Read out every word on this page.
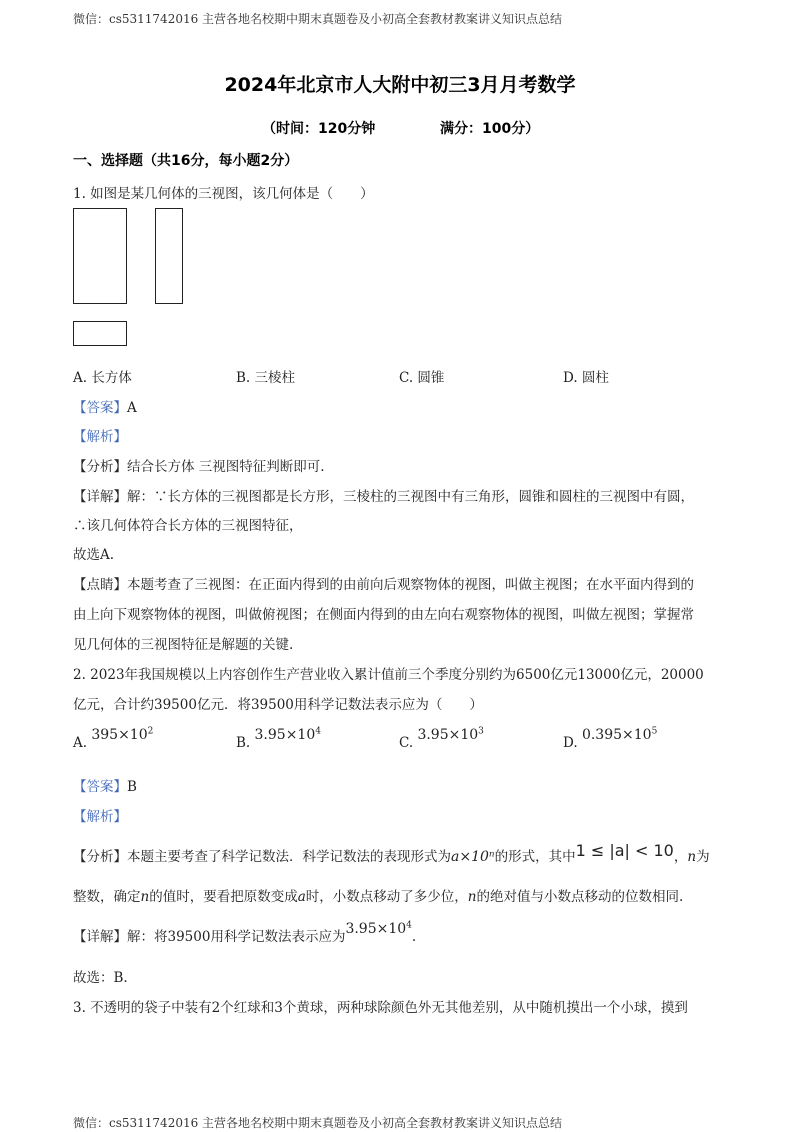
微信：cs5311742016 主营各地名校期中期末真题卷及小初高全套教材教案讲义知识点总结
2024年北京市人大附中初三3月月考数学
（时间：120分钟	满分：100分）
一、选择题（共16分，每小题2分）
1. 如图是某几何体的三视图，该几何体是（　　）
A. 长方体	B. 三棱柱	C. 圆锥	D. 圆柱
【答案】A
【解析】
【分析】结合长方体 三视图特征判断即可.
【详解】解：∵长方体的三视图都是长方形，三棱柱的三视图中有三角形，圆锥和圆柱的三视图中有圆，
∴该几何体符合长方体的三视图特征，
故选A.
【点睛】本题考查了三视图：在正面内得到的由前向后观察物体的视图，叫做主视图；在水平面内得到的
由上向下观察物体的视图，叫做俯视图；在侧面内得到的由左向右观察物体的视图，叫做左视图；掌握常
见几何体的三视图特征是解题的关键.
2. 2023年我国规模以上内容创作生产营业收入累计值前三个季度分别约为6500亿元13000亿元，20000
亿元，合计约39500亿元．将39500用科学记数法表示应为（　　）
A. $395\times 10^2$
B. $3.95\times 10^4$
C. $3.95\times 10^3$
D. $0.395\times 10^5$
【答案】B
【解析】
【分析】本题主要考查了科学记数法．科学记数法的表现形式为a×10ⁿ的形式，其中1 ≤ |a| < 10，n为
整数，确定n的值时，要看把原数变成a时，小数点移动了多少位，n的绝对值与小数点移动的位数相同.
【详解】解：将39500用科学记数法表示应为$3.95\times 10^4$.
故选：B.
3. 不透明的袋子中装有2个红球和3个黄球，两种球除颜色外无其他差别，从中随机摸出一个小球，摸到
微信：cs5311742016 主营各地名校期中期末真题卷及小初高全套教材教案讲义知识点总结
